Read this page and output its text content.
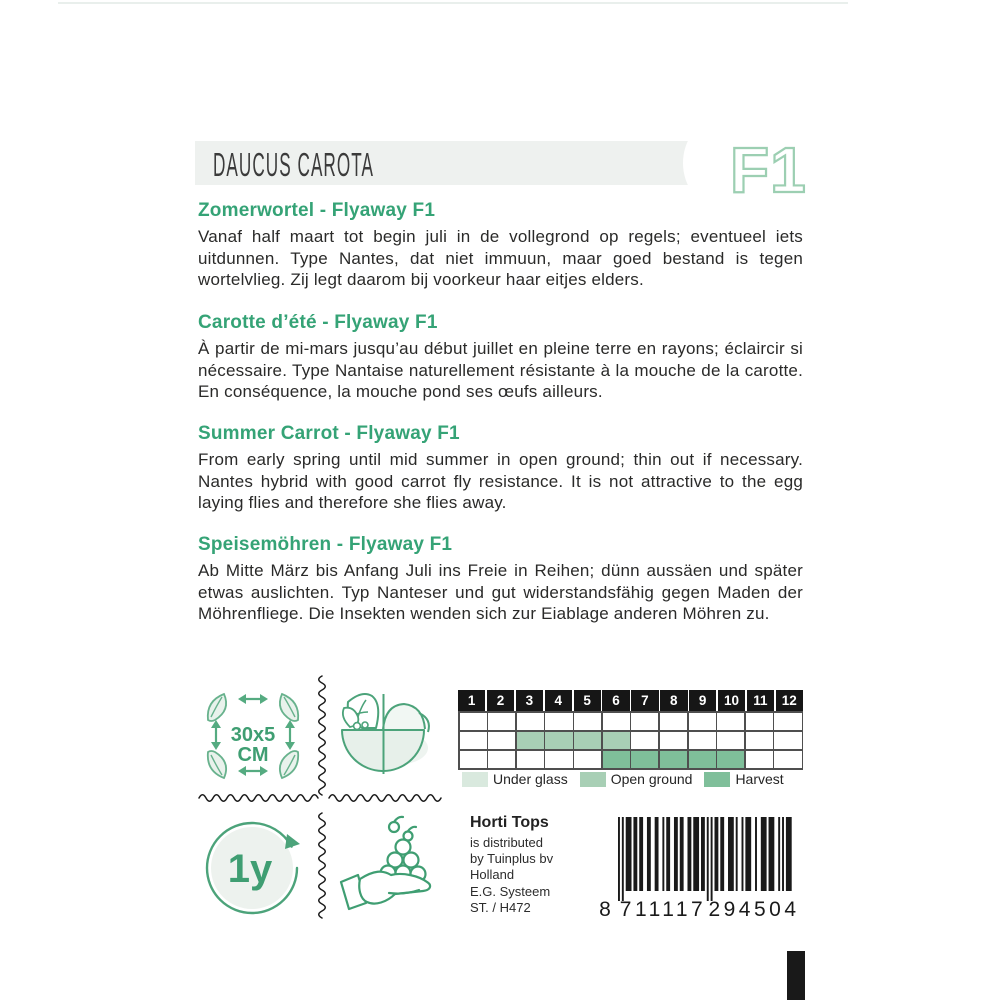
DAUCUS CAROTA	F1
Zomerwortel - Flyaway F1

Vanaf half maart tot begin juli in de vollegrond op regels; eventueel iets uitdunnen. Type Nantes, dat niet immuun, maar goed bestand is tegen wortelvlieg. Zij legt daarom bij voorkeur haar eitjes elders.

Carotte d’été - Flyaway F1

À partir de mi-mars jusqu’au début juillet en pleine terre en rayons; éclaircir si nécessaire. Type Nantaise naturellement résistante à la mouche de la carotte. En conséquence, la mouche pond ses œufs ailleurs.

Summer Carrot - Flyaway F1

From early spring until mid summer in open ground; thin out if necessary. Nantes hybrid with good carrot fly resistance. It is not attractive to the egg laying flies and therefore she flies away.

Speisemöhren - Flyaway F1

Ab Mitte März bis Anfang Juli ins Freie in Reihen; dünn aussäen und später etwas auslichten. Typ Nanteser und gut widerstandsfähig gegen Maden der Möhrenfliege. Die Insekten wenden sich zur Eiablage anderen Möhren zu.

30x5
CM
1	2	3	4	5	6	7	8	9	10	11	12
Under glass	Open ground	Harvest
1y
Horti Tops
is distributed
by Tuinplus bv
Holland
E.G. Systeem
ST. / H472	8 711117 294504
